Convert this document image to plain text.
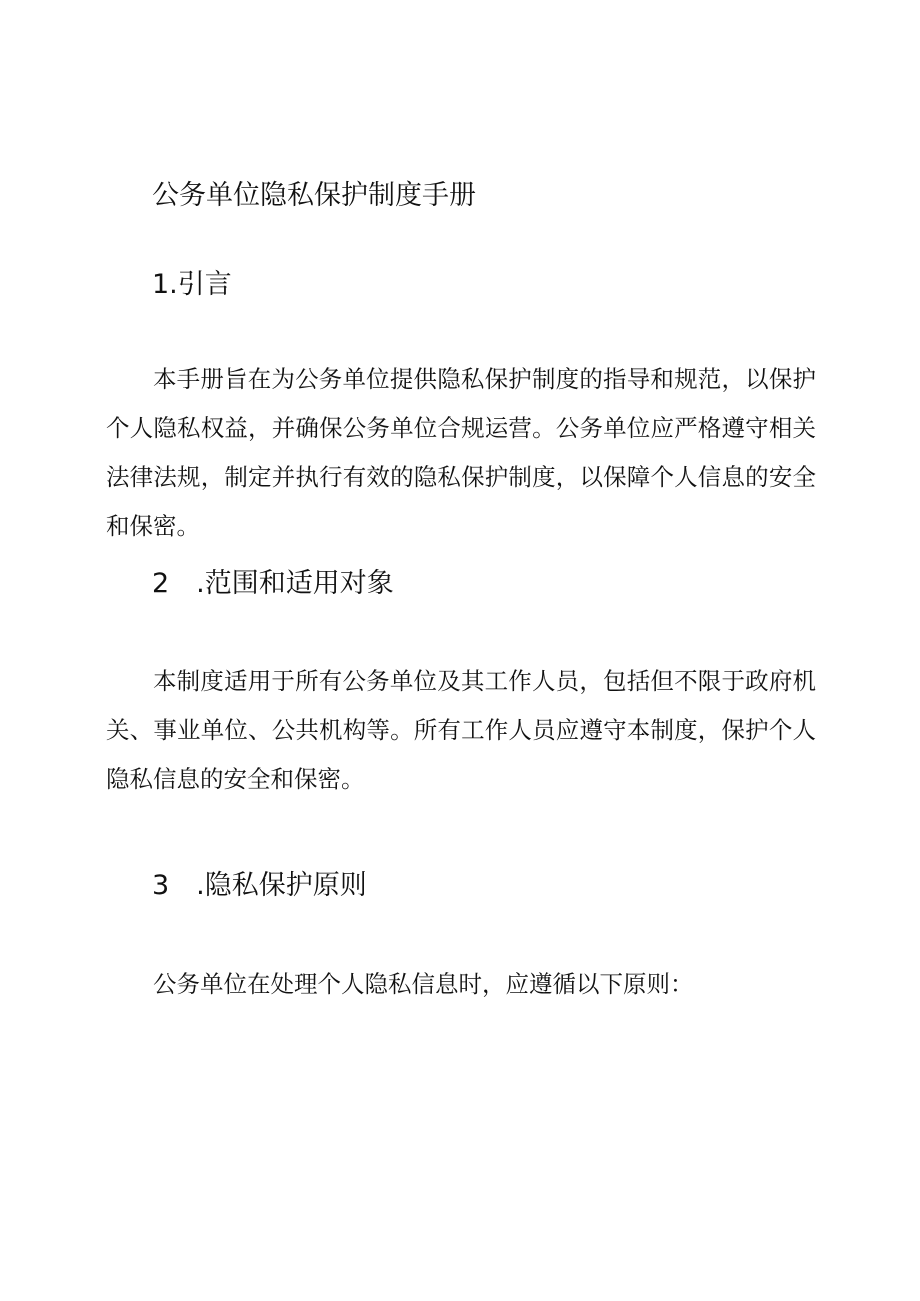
公务单位隐私保护制度手册
1.引言

本手册旨在为公务单位提供隐私保护制度的指导和规范，以保护个人隐私权益，并确保公务单位合规运营。公务单位应严格遵守相关法律法规，制定并执行有效的隐私保护制度，以保障个人信息的安全和保密。

2　.范围和适用对象

本制度适用于所有公务单位及其工作人员，包括但不限于政府机关、事业单位、公共机构等。所有工作人员应遵守本制度，保护个人隐私信息的安全和保密。

3　.隐私保护原则

公务单位在处理个人隐私信息时，应遵循以下原则：
